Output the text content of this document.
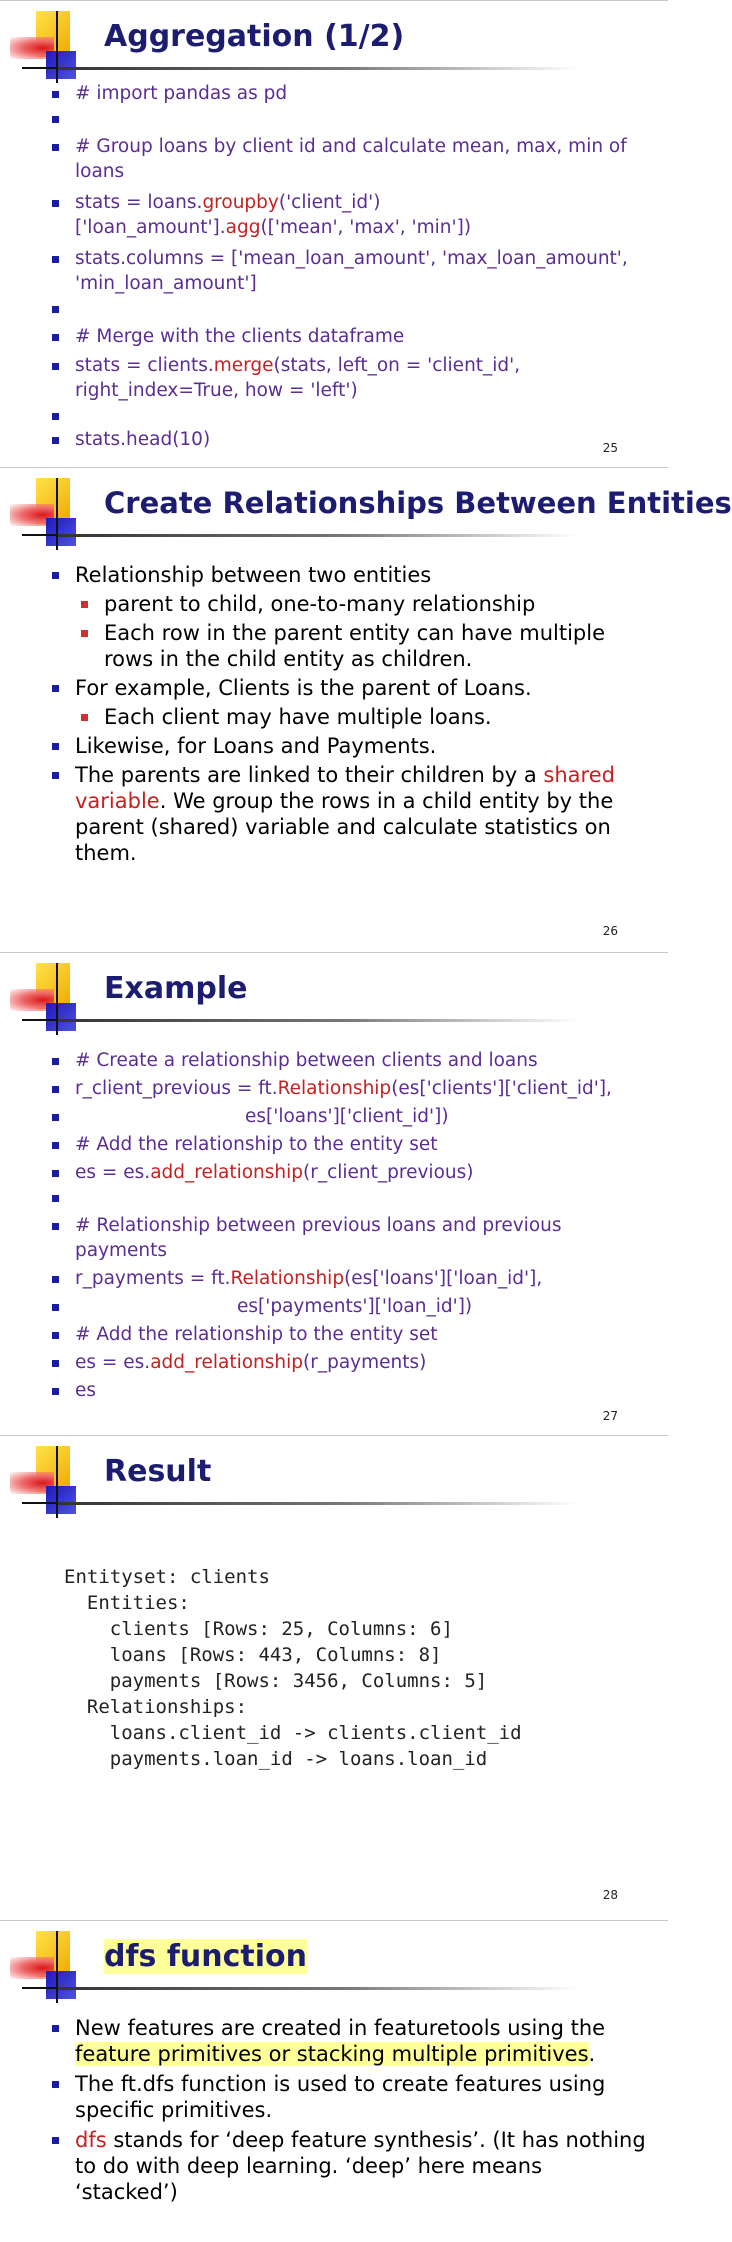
Aggregation (1/2)
# import pandas as pd
# Group loans by client id and calculate mean, max, min of loans
stats = loans.groupby('client_id')['loan_amount'].agg(['mean', 'max', 'min'])
stats.columns = ['mean_loan_amount', 'max_loan_amount', 'min_loan_amount']
# Merge with the clients dataframe
stats = clients.merge(stats, left_on = 'client_id', right_index=True, how = 'left')
stats.head(10)	25
Create Relationships Between Entities
Relationship between two entities
parent to child, one-to-many relationship
Each row in the parent entity can have multiple rows in the child entity as children.
For example, Clients is the parent of Loans.
Each client may have multiple loans.
Likewise, for Loans and Payments.
The parents are linked to their children by a shared variable. We group the rows in a child entity by the parent (shared) variable and calculate statistics on them.
26
Example
# Create a relationship between clients and loans
r_client_previous = ft.Relationship(es['clients']['client_id'],
es['loans']['client_id'])
# Add the relationship to the entity set
es = es.add_relationship(r_client_previous)
# Relationship between previous loans and previous payments
r_payments = ft.Relationship(es['loans']['loan_id'],
es['payments']['loan_id'])
# Add the relationship to the entity set
es = es.add_relationship(r_payments)
es
27
Result
Entityset: clients
Entities:
clients [Rows: 25, Columns: 6]
loans [Rows: 443, Columns: 8]
payments [Rows: 3456, Columns: 5]
Relationships:
loans.client_id -> clients.client_id
payments.loan_id -> loans.loan_id
28
dfs function
New features are created in featuretools using the feature primitives or stacking multiple primitives.
The ft.dfs function is used to create features using specific primitives.
dfs stands for ‘deep feature synthesis’. (It has nothing to do with deep learning. ‘deep’ here means ‘stacked’)
